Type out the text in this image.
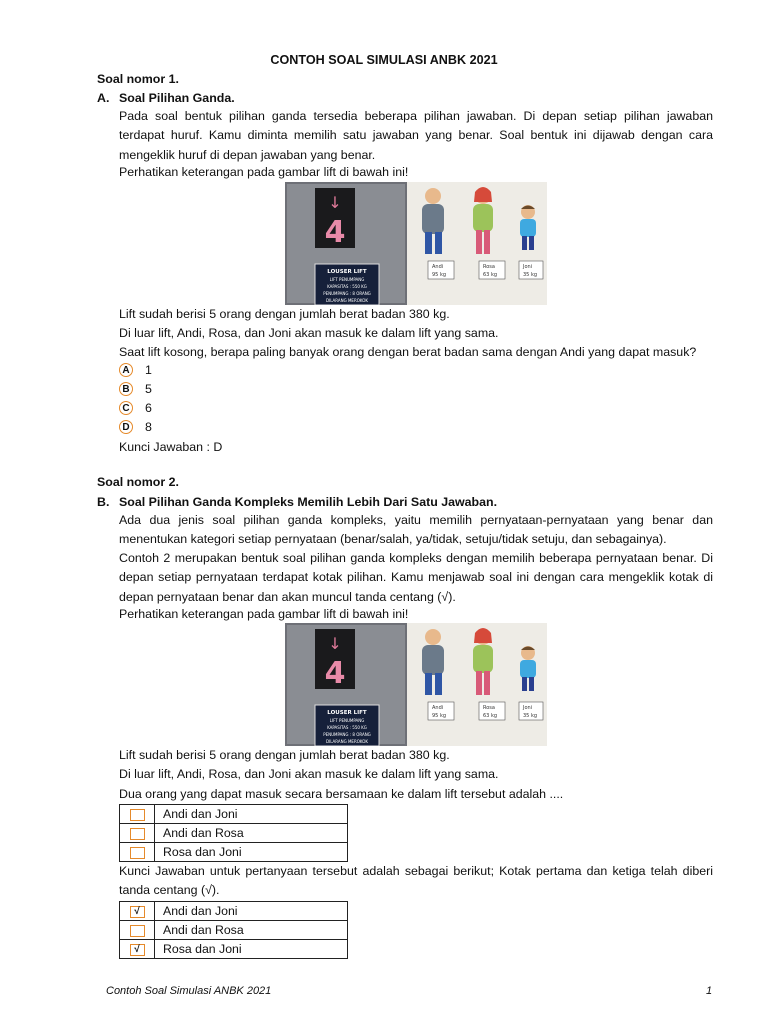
CONTOH SOAL SIMULASI ANBK 2021
Soal nomor 1.
A. Soal Pilihan Ganda.
Pada soal bentuk pilihan ganda tersedia beberapa pilihan jawaban. Di depan setiap pilihan jawaban terdapat huruf. Kamu diminta memilih satu jawaban yang benar. Soal bentuk ini dijawab dengan cara mengeklik huruf di depan jawaban yang benar.
Perhatikan keterangan pada gambar lift di bawah ini!
↓
4
LOUSER LIFT
LIFT PENUMPANG
KAPASITAS : 550 KG
PENUMPANG : 8 ORANG
DILARANG MEROKOK
Andi
95 kg
Rosa
63 kg
Joni
35 kg
Lift sudah berisi 5 orang dengan jumlah berat badan 380 kg.
Di luar lift, Andi, Rosa, dan Joni akan masuk ke dalam lift yang sama.
Saat lift kosong, berapa paling banyak orang dengan berat badan sama dengan Andi yang dapat masuk?
A 1
B 5
C 6
D 8
Kunci Jawaban : D
Soal nomor 2.
B. Soal Pilihan Ganda Kompleks Memilih Lebih Dari Satu Jawaban.
Ada dua jenis soal pilihan ganda kompleks, yaitu memilih pernyataan-pernyataan yang benar dan menentukan kategori setiap pernyataan (benar/salah, ya/tidak, setuju/tidak setuju, dan sebagainya).
Contoh 2 merupakan bentuk soal pilihan ganda kompleks dengan memilih beberapa pernyataan benar. Di depan setiap pernyataan terdapat kotak pilihan. Kamu menjawab soal ini dengan cara mengeklik kotak di depan pernyataan benar dan akan muncul tanda centang (√).
Perhatikan keterangan pada gambar lift di bawah ini!
↓
4
LOUSER LIFT
LIFT PENUMPANG
KAPASITAS : 550 KG
PENUMPANG : 8 ORANG
DILARANG MEROKOK
Andi
95 kg
Rosa
63 kg
Joni
35 kg
Lift sudah berisi 5 orang dengan jumlah berat badan 380 kg.
Di luar lift, Andi, Rosa, dan Joni akan masuk ke dalam lift yang sama.
Dua orang yang dapat masuk secara bersamaan ke dalam lift tersebut adalah ....
	Andi dan Joni
	Andi dan Rosa
	Rosa dan Joni
Kunci Jawaban untuk pertanyaan tersebut adalah sebagai berikut; Kotak pertama dan ketiga telah diberi tanda centang (√).
√	Andi dan Joni
	Andi dan Rosa
√	Rosa dan Joni
Contoh Soal Simulasi ANBK 2021	1
